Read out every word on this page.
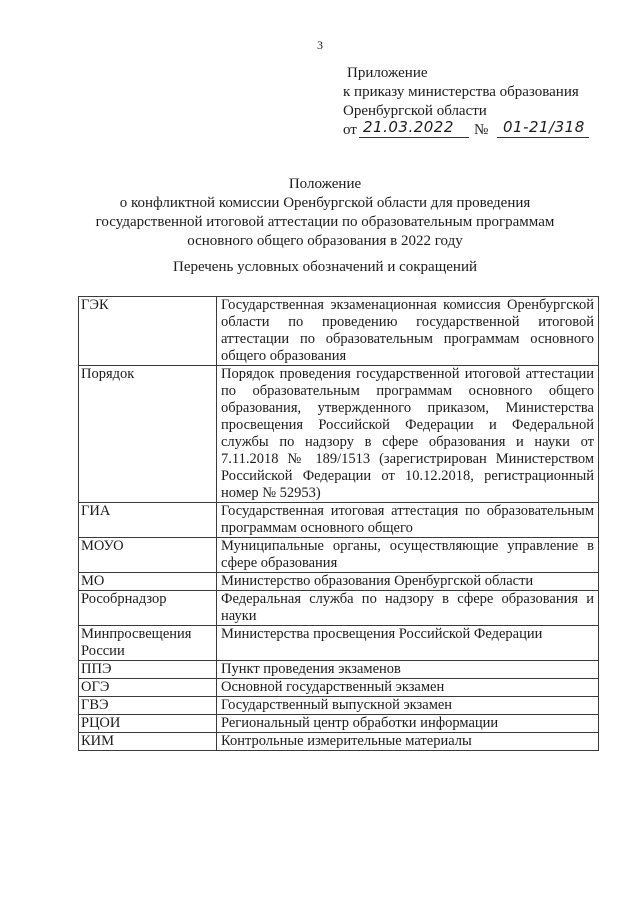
3
Приложение
к приказу министерства образования
Оренбургской области
от 21.03.2022	№ 01-21/318

Положение
о конфликтной комиссии Оренбургской области для проведения
государственной итоговой аттестации по образовательным программам
основного общего образования в 2022 году
Перечень условных обозначений и сокращений
ГЭК	Государственная экзаменационная комиссия Оренбургской области по проведению государственной итоговой аттестации по образовательным программам основного общего образования
Порядок	Порядок проведения государственной итоговой аттестации по образовательным программам основного общего образования, утвержденного приказом, Министерства просвещения Российской Федерации и Федеральной службы по надзору в сфере образования и науки от 7.11.2018 № 189/1513 (зарегистрирован Министерством Российской Федерации от 10.12.2018, регистрационный номер № 52953)
ГИА	Государственная итоговая аттестация по образовательным программам основного общего
МОУО	Муниципальные органы, осуществляющие управление в сфере образования
МО	Министерство образования Оренбургской области
Рособрнадзор	Федеральная служба по надзору в сфере образования и науки
Минпросвещения России	Министерства просвещения Российской Федерации
ППЭ	Пункт проведения экзаменов
ОГЭ	Основной государственный экзамен
ГВЭ	Государственный выпускной экзамен
РЦОИ	Региональный центр обработки информации
КИМ	Контрольные измерительные материалы
